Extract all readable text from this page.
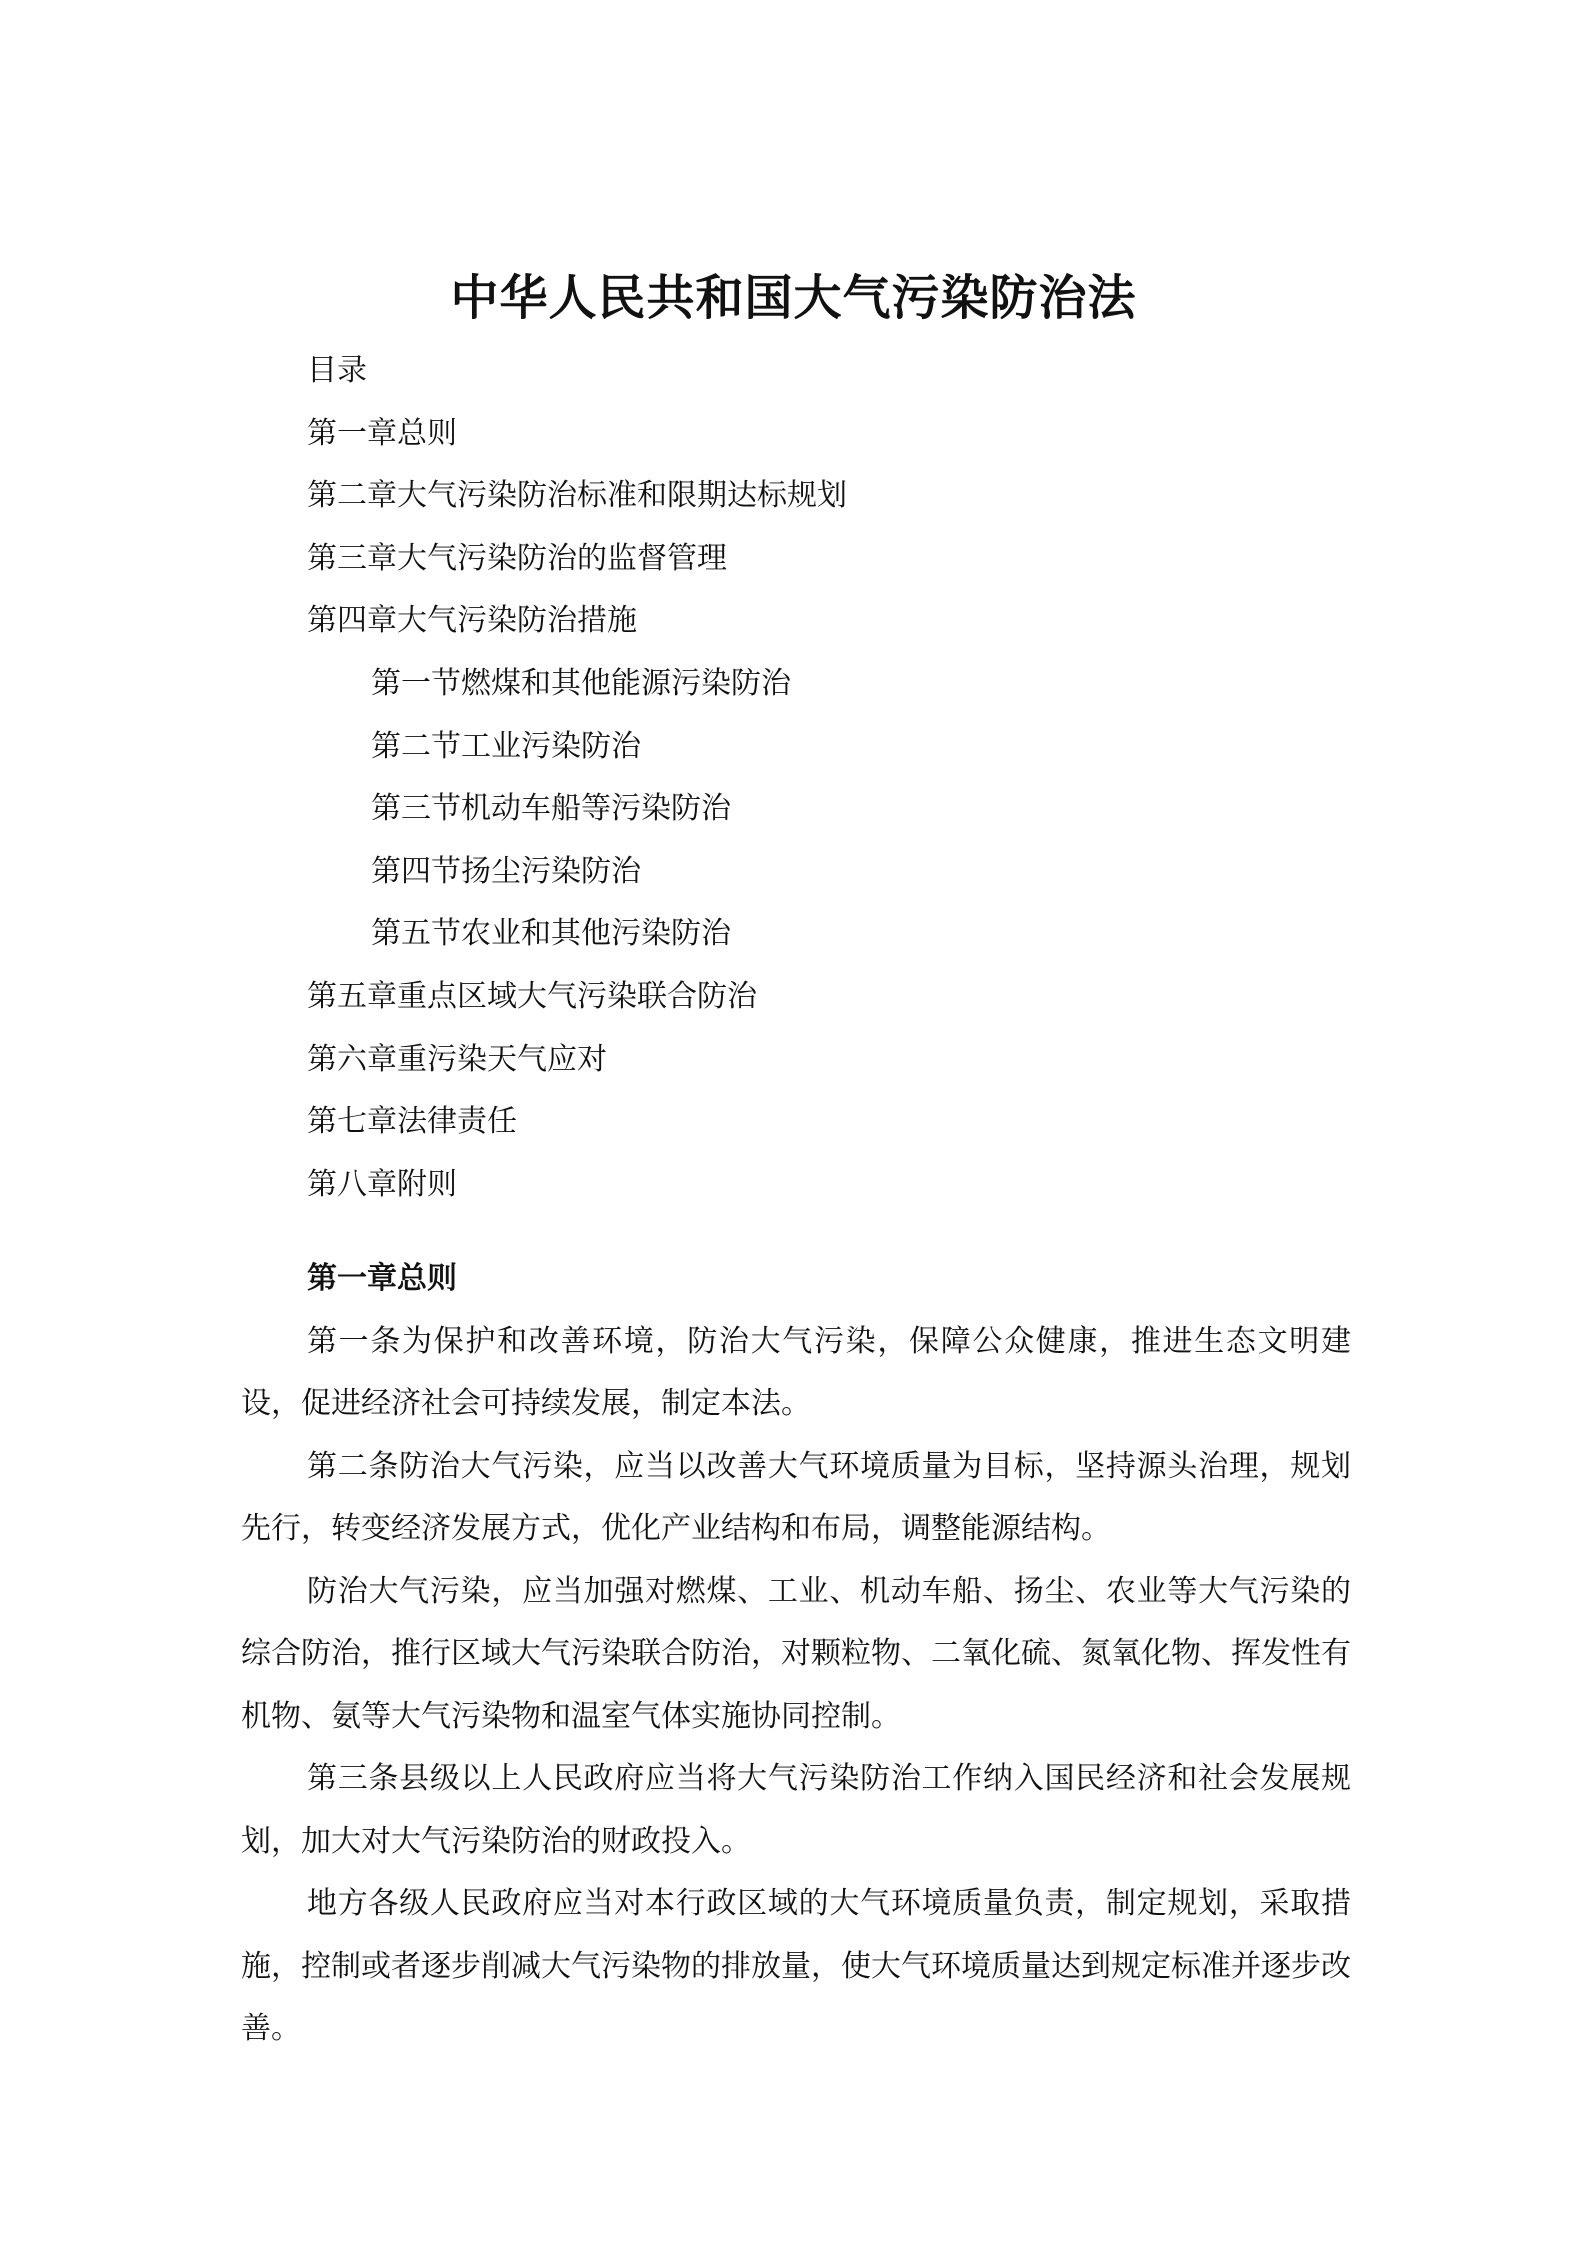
中华人民共和国大气污染防治法
目录
第一章总则
第二章大气污染防治标准和限期达标规划
第三章大气污染防治的监督管理
第四章大气污染防治措施
第一节燃煤和其他能源污染防治
第二节工业污染防治
第三节机动车船等污染防治
第四节扬尘污染防治
第五节农业和其他污染防治
第五章重点区域大气污染联合防治
第六章重污染天气应对
第七章法律责任
第八章附则
第一章总则

第一条为保护和改善环境，防治大气污染，保障公众健康，推进生态文明建设，促进经济社会可持续发展，制定本法。

第二条防治大气污染，应当以改善大气环境质量为目标，坚持源头治理，规划先行，转变经济发展方式，优化产业结构和布局，调整能源结构。

防治大气污染，应当加强对燃煤、工业、机动车船、扬尘、农业等大气污染的综合防治，推行区域大气污染联合防治，对颗粒物、二氧化硫、氮氧化物、挥发性有机物、氨等大气污染物和温室气体实施协同控制。

第三条县级以上人民政府应当将大气污染防治工作纳入国民经济和社会发展规划，加大对大气污染防治的财政投入。

地方各级人民政府应当对本行政区域的大气环境质量负责，制定规划，采取措施，控制或者逐步削减大气污染物的排放量，使大气环境质量达到规定标准并逐步改善。
